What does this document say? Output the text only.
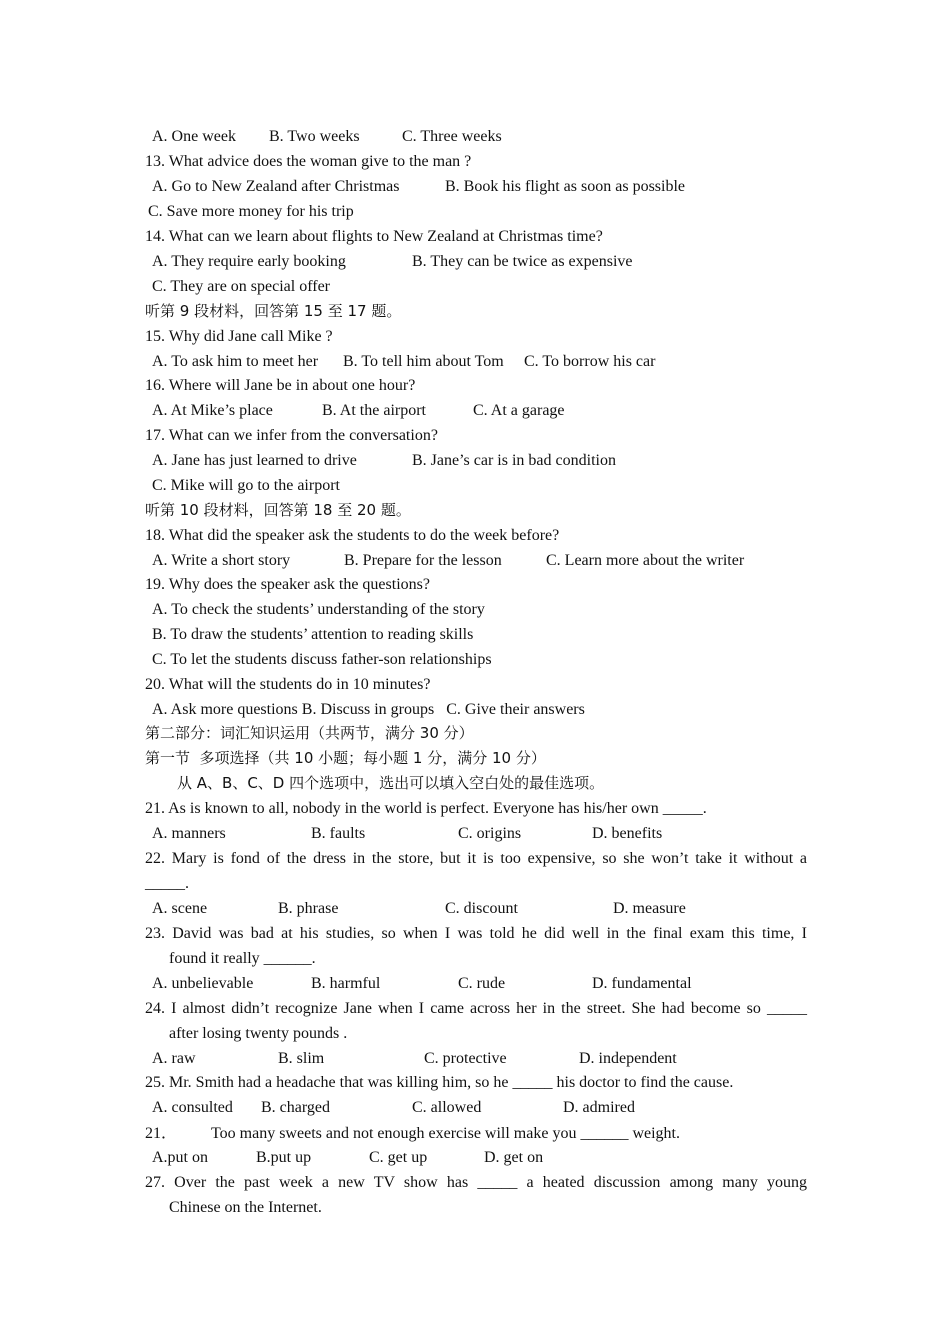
A. One week B. Two weeks	C. Three weeks
13. What advice does the woman give to the man ?
A. Go to New Zealand after Christmas	B. Book his flight as soon as possible
C. Save more money for his trip
14. What can we learn about flights to New Zealand at Christmas time?
A. They require early booking	B. They can be twice as expensive
C. They are on special offer
听第 9 段材料，回答第 15 至 17 题。
15. Why did Jane call Mike ?
A. To ask him to meet her B. To tell him about Tom C. To borrow his car
16. Where will Jane be in about one hour?
A. At Mike’s place	B. At the airport	C. At a garage
17. What can we infer from the conversation?
A. Jane has just learned to drive	B. Jane’s car is in bad condition
C. Mike will go to the airport
听第 10 段材料，回答第 18 至 20 题。
18. What did the speaker ask the students to do the week before?
A. Write a short story	B. Prepare for the lesson	C. Learn more about the writer
19. Why does the speaker ask the questions?
A. To check the students’ understanding of the story
B. To draw the students’ attention to reading skills
C. To let the students discuss father-son relationships
20. What will the students do in 10 minutes?
A. Ask more questions B. Discuss in groups   C. Give their answers
第二部分：词汇知识运用（共两节，满分 30 分）
第一节  多项选择（共 10 小题；每小题 1 分，满分 10 分）
从 A、B、C、D 四个选项中，选出可以填入空白处的最佳选项。
21. As is known to all, nobody in the world is perfect. Everyone has his/her own _____.
A. manners	B. faults	C. origins	D. benefits
22. Mary is fond of the dress in the store, but it is too expensive, so she won’t take it without a
_____.
A. scene	B. phrase	C. discount	D. measure
23. David was bad at his studies, so when I was told he did well in the final exam this time, I
found it really ______.
A. unbelievable	B. harmful	C. rude	D. fundamental
24. I almost didn’t recognize Jane when I came across her in the street. She had become so _____
after losing twenty pounds .
A. raw	B. slim	C. protective	D. independent
25. Mr. Smith had a headache that was killing him, so he _____ his doctor to find the cause.
A. consulted B. charged	C. allowed	D. admired
21． Too many sweets and not enough exercise will make you ______ weight.
A.put on	B.put up	C. get up	D. get on
27. Over the past week a new TV show has _____ a heated discussion among many young
Chinese on the Internet.
